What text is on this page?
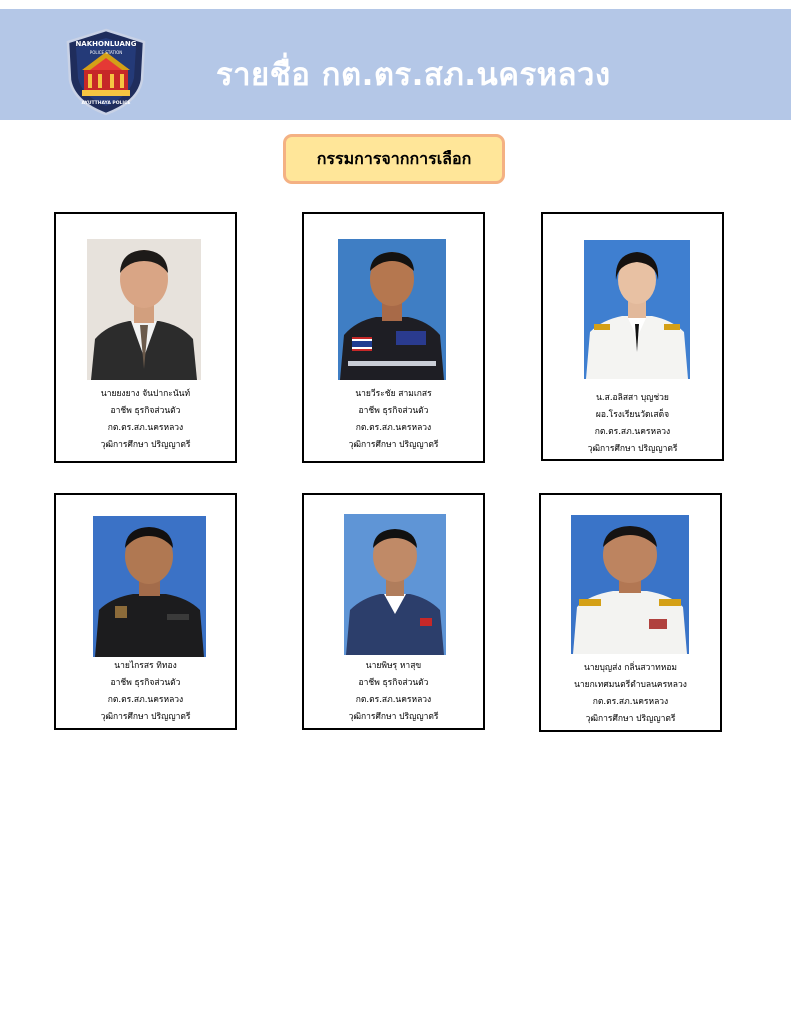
NAKHONLUANG
POLICE STATION
AYUTTHAYA POLICE
รายชื่อ กต.ตร.สภ.นครหลวง
กรรมการจากการเลือก
นายยงยาง จันปากะนันท์
อาชีพ ธุรกิจส่วนตัว
กต.ตร.สภ.นครหลวง
วุฒิการศึกษา ปริญญาตรี
นายวีระชัย สามเกสร
อาชีพ ธุรกิจส่วนตัว
กต.ตร.สภ.นครหลวง
วุฒิการศึกษา ปริญญาตรี
น.ส.อลิสสา บุญช่วย
ผอ.โรงเรียนวัดเสด็จ
กต.ตร.สภ.นครหลวง
วุฒิการศึกษา ปริญญาตรี
นายไกรสร ทิทอง
อาชีพ ธุรกิจส่วนตัว
กต.ตร.สภ.นครหลวง
วุฒิการศึกษา ปริญญาตรี
นายพิษรุ หาสุข
อาชีพ ธุรกิจส่วนตัว
กต.ตร.สภ.นครหลวง
วุฒิการศึกษา ปริญญาตรี
นายบุญส่ง กลิ่นสวาทหอม
นายกเทศมนตรีตำบลนครหลวง
กต.ตร.สภ.นครหลวง
วุฒิการศึกษา ปริญญาตรี
